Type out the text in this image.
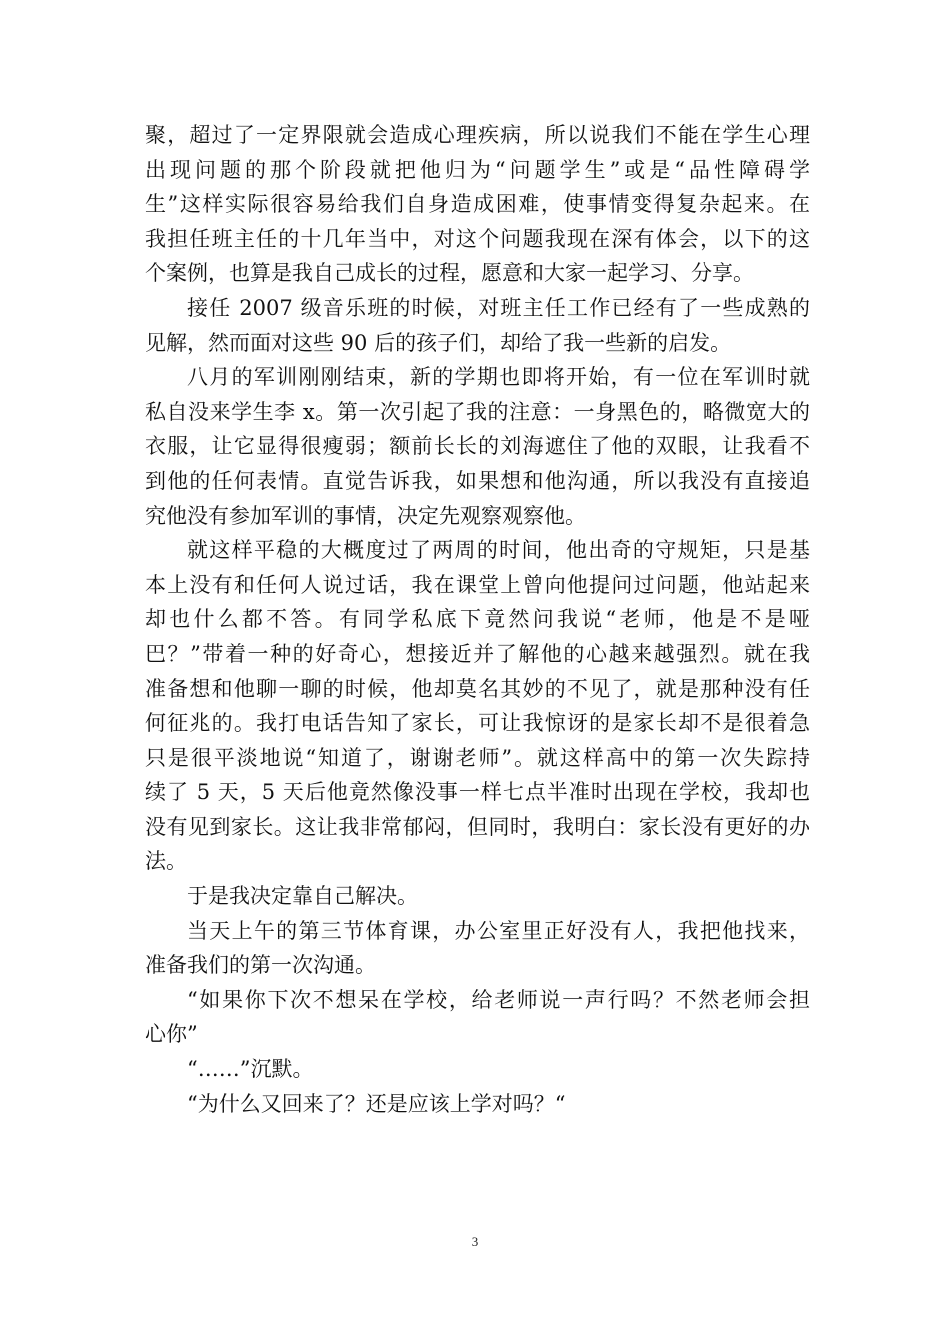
聚，超过了一定界限就会造成心理疾病，所以说我们不能在学生心理
出现问题的那个阶段就把他归为“问题学生”或是“品性障碍学
生”这样实际很容易给我们自身造成困难，使事情变得复杂起来。在
我担任班主任的十几年当中，对这个问题我现在深有体会，以下的这
个案例，也算是我自己成长的过程，愿意和大家一起学习、分享。
接任 2007 级音乐班的时候，对班主任工作已经有了一些成熟的
见解，然而面对这些 90 后的孩子们，却给了我一些新的启发。
八月的军训刚刚结束，新的学期也即将开始，有一位在军训时就
私自没来学生李 x。第一次引起了我的注意：一身黑色的，略微宽大的
衣服，让它显得很瘦弱；额前长长的刘海遮住了他的双眼，让我看不
到他的任何表情。直觉告诉我，如果想和他沟通，所以我没有直接追
究他没有参加军训的事情，决定先观察观察他。
就这样平稳的大概度过了两周的时间，他出奇的守规矩，只是基
本上没有和任何人说过话，我在课堂上曾向他提问过问题，他站起来
却也什么都不答。有同学私底下竟然问我说“老师，他是不是哑
巴？”带着一种的好奇心，想接近并了解他的心越来越强烈。就在我
准备想和他聊一聊的时候，他却莫名其妙的不见了，就是那种没有任
何征兆的。我打电话告知了家长，可让我惊讶的是家长却不是很着急
只是很平淡地说“知道了，谢谢老师”。就这样高中的第一次失踪持
续了 5 天，5 天后他竟然像没事一样七点半准时出现在学校，我却也
没有见到家长。这让我非常郁闷，但同时，我明白：家长没有更好的办
法。
于是我决定靠自己解决。
当天上午的第三节体育课，办公室里正好没有人，我把他找来，
准备我们的第一次沟通。
“如果你下次不想呆在学校，给老师说一声行吗？不然老师会担
心你”
“……”沉默。
“为什么又回来了？还是应该上学对吗？“
3
